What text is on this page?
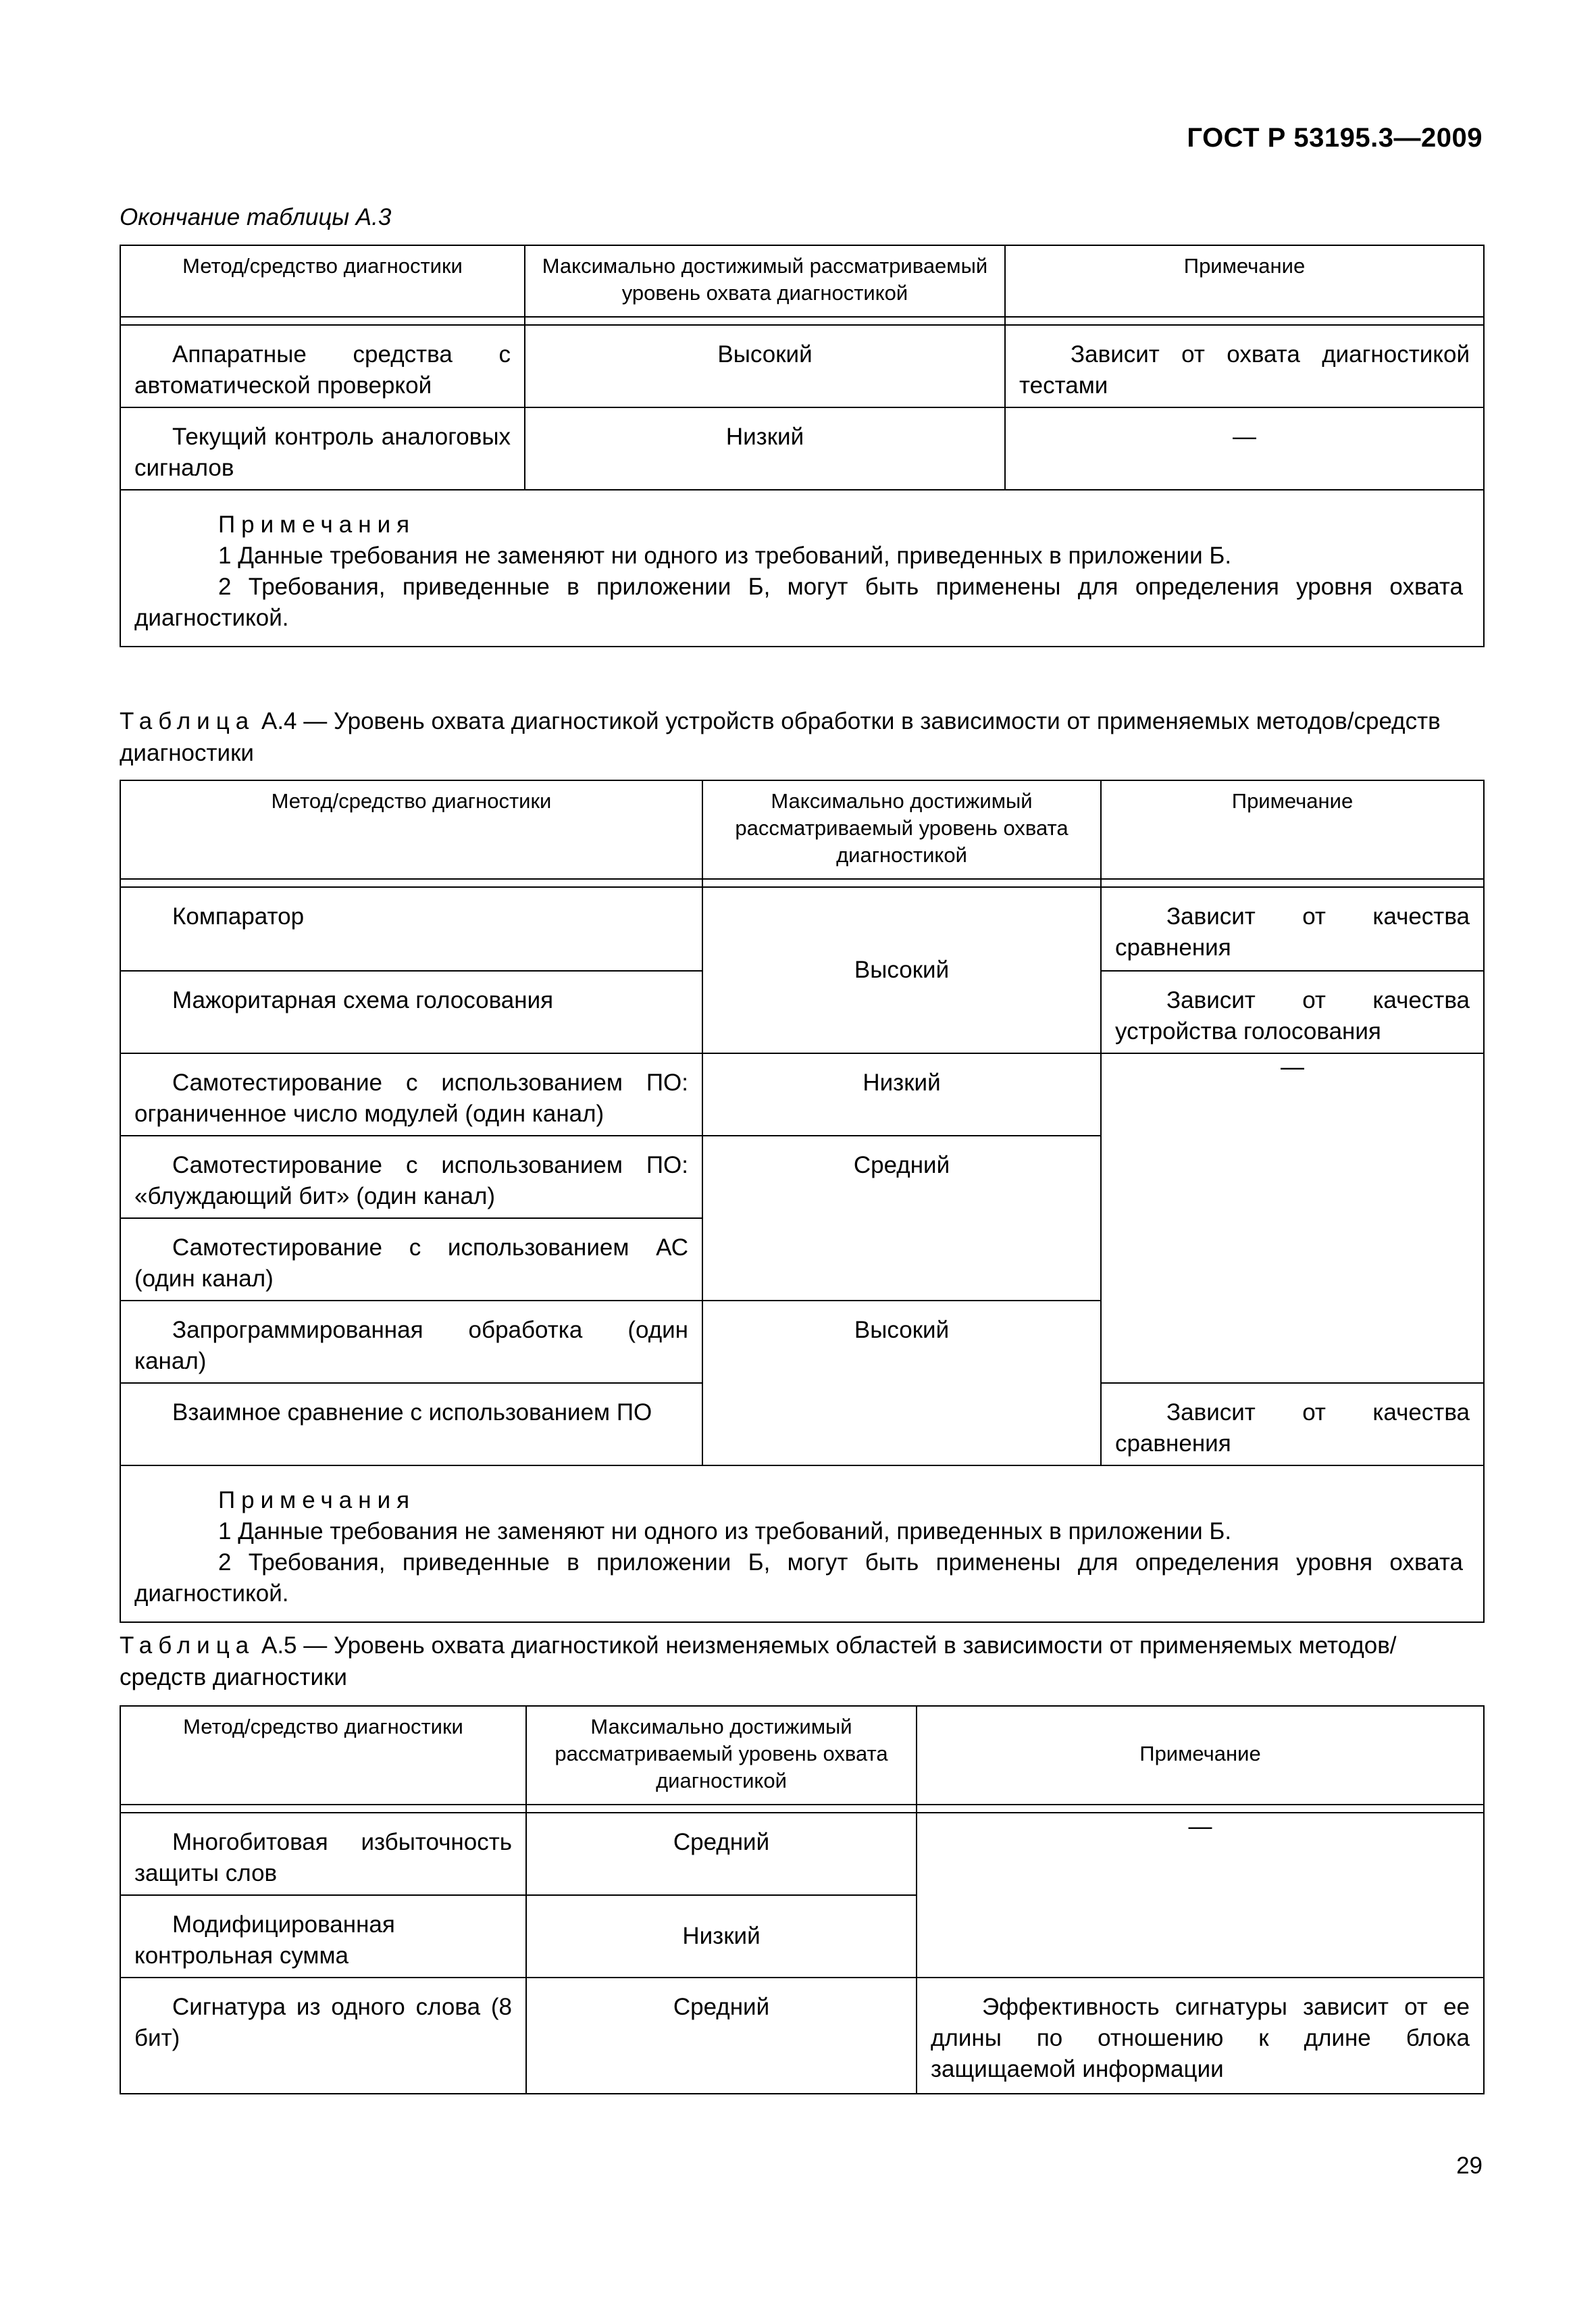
ГОСТ Р 53195.3—2009
Окончание таблицы А.3
Метод/средство диагностики	Максимально достижимый рассматриваемый уровень охвата диагностикой	Примечание

Аппаратные средства с автоматической проверкой	Высокий	Зависит от охвата диагностикой тестами
Текущий контроль аналоговых сигналов	Низкий	—

Примечания

1 Данные требования не заменяют ни одного из требований, приведенных в приложении Б.

2 Требования, приведенные в приложении Б, могут быть применены для определения уровня охвата диагностикой.		

Таблица А.4 — Уровень охвата диагностикой устройств обработки в зависимости от применяемых методов/средств диагностики

Метод/средство диагностики	Максимально достижимый рассматриваемый уровень охвата диагностикой	Примечание

Компаратор	Высокий	Зависит от качества сравнения
Мажоритарная схема голосования		Зависит от качества устройства голосования
Самотестирование с использованием ПО: ограниченное число модулей (один канал)	Низкий	—
Самотестирование с использованием ПО: «блуждающий бит» (один канал)	Средний	
Самотестирование с использованием АС (один канал)		
Запрограммированная обработка (один канал)	Высокий	
Взаимное сравнение с использованием ПО		Зависит от качества сравнения

Примечания

1 Данные требования не заменяют ни одного из требований, приведенных в приложении Б.

2 Требования, приведенные в приложении Б, могут быть применены для определения уровня охвата диагностикой.		

Таблица А.5 — Уровень охвата диагностикой неизменяемых областей в зависимости от применяемых методов/средств диагностики

Метод/средство диагностики	Максимально достижимый рассматриваемый уровень охвата диагностикой	Примечание

Многобитовая избыточность защиты слов	Средний	—
Модифицированная контрольная сумма	Низкий	
Сигнатура из одного слова (8 бит)	Средний	Эффективность сигнатуры зависит от ее длины по отношению к длине блока защищаемой информации
29
